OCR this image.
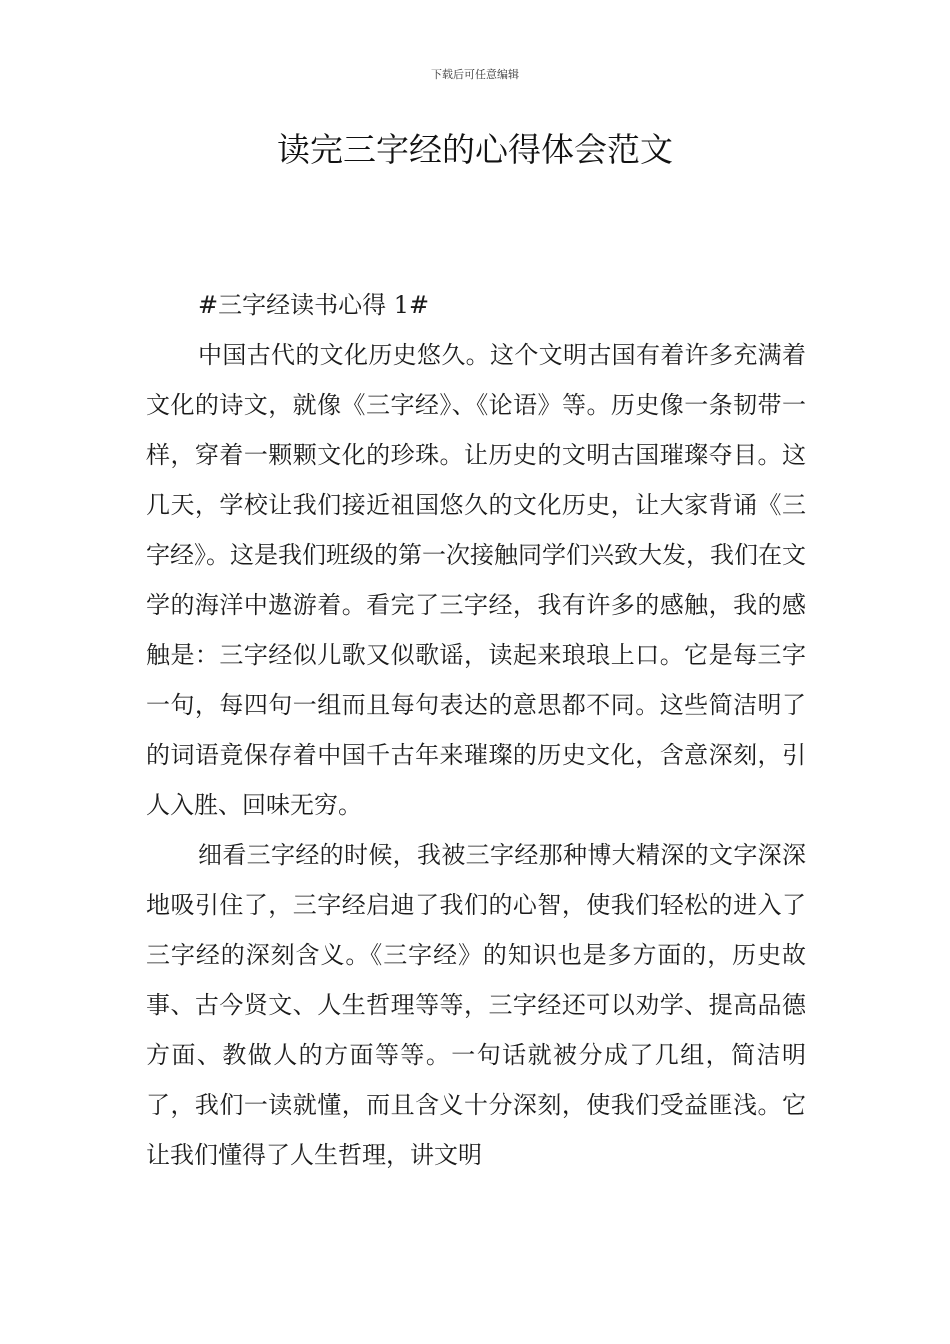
下载后可任意编辑
读完三字经的心得体会范文

#三字经读书心得 1#

中国古代的文化历史悠久。这个文明古国有着许多充满着文化的诗文，就像《三字经》、《论语》等。历史像一条韧带一样，穿着一颗颗文化的珍珠。让历史的文明古国璀璨夺目。这几天，学校让我们接近祖国悠久的文化历史，让大家背诵《三字经》。这是我们班级的第一次接触同学们兴致大发，我们在文学的海洋中遨游着。看完了三字经，我有许多的感触，我的感触是：三字经似儿歌又似歌谣，读起来琅琅上口。它是每三字一句，每四句一组而且每句表达的意思都不同。这些简洁明了的词语竟保存着中国千古年来璀璨的历史文化，含意深刻，引人入胜、回味无穷。

细看三字经的时候，我被三字经那种博大精深的文字深深地吸引住了，三字经启迪了我们的心智，使我们轻松的进入了三字经的深刻含义。《三字经》的知识也是多方面的，历史故事、古今贤文、人生哲理等等，三字经还可以劝学、提高品德方面、教做人的方面等等。一句话就被分成了几组，简洁明了，我们一读就懂，而且含义十分深刻，使我们受益匪浅。它让我们懂得了人生哲理，讲文明
